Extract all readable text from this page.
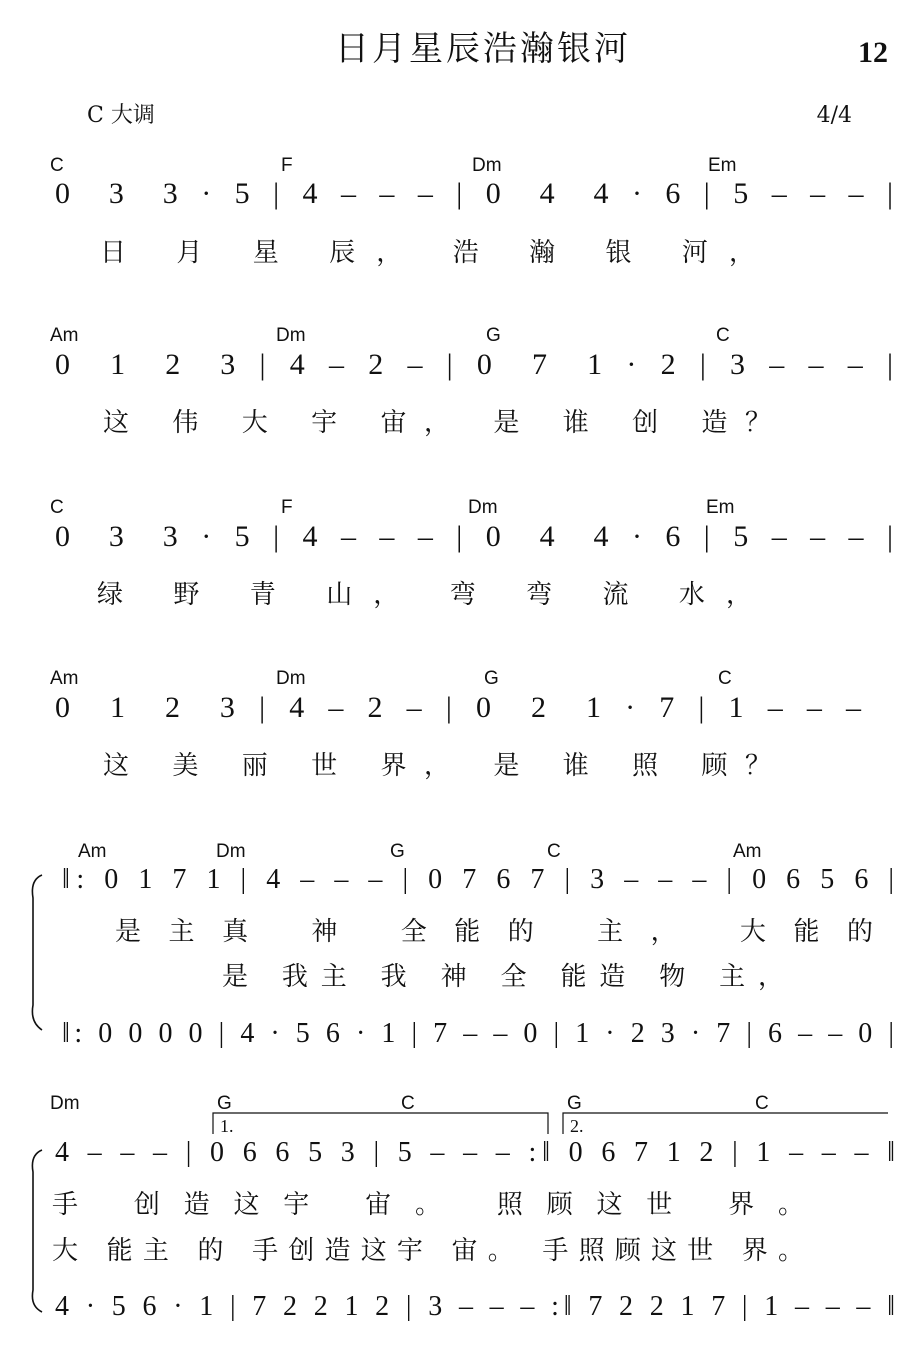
日月星辰浩瀚银河	12
C 大调	4/4
C	F	Dm	Em
0  3  3 · 5 | 4 – – – | 0  4  4 · 6 | 5 – – – |
日 月 星 辰， 浩 瀚 银 河，
Am	Dm	G	C
0  1  2  3 | 4 – 2 – | 0  7  1 · 2 | 3 – – – |
这 伟 大 宇 宙， 是 谁 创 造？
C	F	Dm	Em
0  3  3 · 5 | 4 – – – | 0  4  4 · 6 | 5 – – – |
绿 野 青 山， 弯 弯 流 水，
Am	Dm	G	C
0  1  2  3 | 4 – 2 – | 0  2  1 · 7 | 1 – – –
这 美 丽 世 界， 是 谁 照 顾？
Am	Dm	G	C	Am
‖: 0 1 7 1 | 4 – – – | 0 7 6 7 | 3 – – – | 0 6 5 6 |
是主真 神 全能的 主， 大能的
是 我主 我 神 全 能造 物 主，
‖: 0 0 0 0 | 4 · 5 6 · 1 | 7 – – 0 | 1 · 2 3 · 7 | 6 – – 0 |
Dm	G	C	G	C
1.	2.
4 – – – | 0 6 6 5 3 | 5 – – – :‖ 0 6 7 1 2 | 1 – – – ‖
手 创造这宇 宙。 照顾这世 界。
大 能主 的 手创造这宇 宙。 手照顾这世 界。
4 · 5 6 · 1 | 7 2 2 1 2 | 3 – – – :‖ 7 2 2 1 7 | 1 – – – ‖
